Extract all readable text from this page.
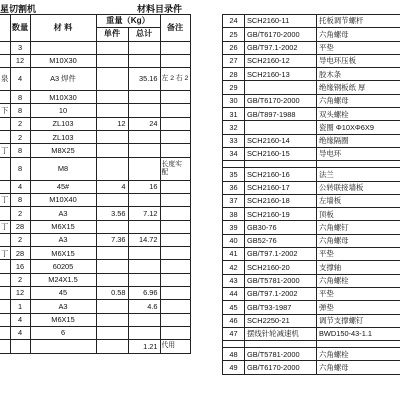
星切割机	材料目录件
	数量	材 料	重量（Kg）		备注
			单件	总计	
	3				
	12	M10X30			
泉	4	A3 焊件		35.16	左 2 右 2
	8	M10X30			
下	8	10			
	2	ZL103	12	24	
	2	ZL103			
丁	8	M8X25			
	8	M8			长度实配
	4	45#	4	16	
丁	8	M10X40			
	2	A3	3.56	7.12	
丁	28	M6X15			
	2	A3	7.36	14.72	
丁	28	M6X15			
	16	60205			
	2	M24X1.5			
	12	45	0.58	6.96	
	1	A3		4.6	
	4	M6X15			
	4	6			
				1.21	代用
24	SCH2160-11	托板调节螺杆
25	GB/T6170-2000	六角螺母
26	GB/T97.1-2002	平垫
27	SCH2160-12	导电环压板
28	SCH2160-13	胶木条
29		绝缘钢板纸 厚
30	GB/T6170-2000	六角螺母
31	GB/T897-1988	双头螺栓
32		瓷圈 Φ10XΦ6X9
33	SCH2160-14	绝缘隔圈
34	SCH2160-15	导电环

35	SCH2160-16	法兰
36	SCH2160-17	公转联接墙板
37	SCH2160-18	左墙板
38	SCH2160-19	顶板
39	GB30-76	六角螺钉
40	GB52-76	六角螺母
41	GB/T97.1-2002	平垫
42	SCH2160-20	支撑轴
43	GB/T5781-2000	六角螺栓
44	GB/T97.1-2002	平垫
45	GB/T93-1987	弹垫
46	SCH2250-21	调节支撑螺钉
47	摆线针轮减速机	BWD150-43-1.1

48	GB/T5781-2000	六角螺栓
49	GB/T6170-2000	六角螺母
